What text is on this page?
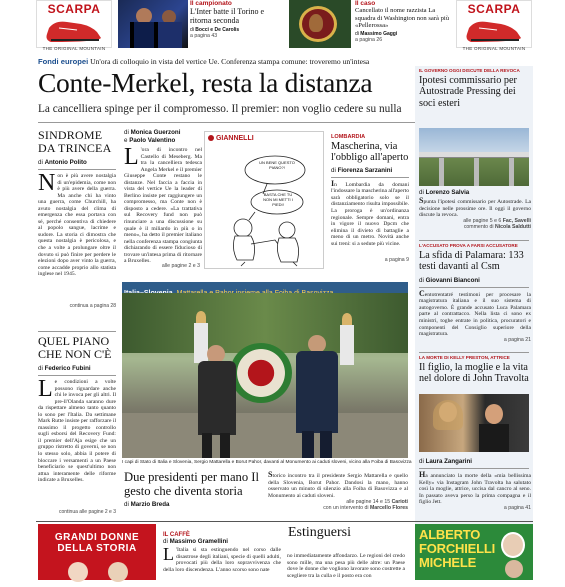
SCARPA
THE ORIGINAL MOUNTAIN
Il campionato
L'Inter batte il Torino e ritorna seconda
di Bocci e De Carolis
a pagina 43
Il caso
Cancellato il nome razzista La squadra di Washington non sarà più «Pellerossa»
di Massimo Gaggi
a pagina 26
SCARPA
THE ORIGINAL MOUNTAIN
Fondi europei Un'ora di colloquio in vista del vertice Ue. Conferenza stampa comune: troveremo un'intesa
Conte-Merkel, resta la distanza
La cancelliera spinge per il compromesso. Il premier: non voglio cedere su nulla
SINDROME DA TRINCEA
di Antonio Polito
Non è più avere nostalgia di un'epidemia, come non è più avere della guerra. Ma anche chi ha vinto una guerra, come Churchill, ha avuto nostalgia del clima di emergenza che essa portava con sé, perché consentiva di chiedere al popolo sangue, lacrime e sudore. La storia ci dimostra che questa nostalgia è pericolosa, e che a volte a prolungare oltre il dovuto si può finire per perdere le elezioni dopo aver vinto la guerra, come accadde proprio allo statista inglese nel 1945.
continua a pagina 28
QUEL PIANO CHE NON C'È
di Federico Fubini
Le condizioni a volte possono riguardare anche chi le invoca per gli altri. Il pre-ll'Olanda saranno dure da rispettare almeno tanto quanto lo sono per l'Italia. Da settimane Mark Rutte insiste per rafforzare il massimo il progetto controllo sugli esborsi del Recovery Fund: il premier dell'Aja esige che un gruppo ristretto di governi, se non lo stesso solo, abbia il potere di bloccare i versamenti a un Paese beneficiario se quest'ultimo non attua interamente delle riforme indicate a Bruxelles.
continua alle pagine 2 e 3
di Monica Guerzoni
e Paolo Valentino
L 'ora di incontro nel Castello di Meseberg. Ma tra la cancelliera tedesca Angela Merkel e il premier Giuseppe Conte restano le distanze. Nel faccia a faccia in vista del vertice Ue la leader di Berlino insiste per raggiungere un compromesso, ma Conte non è disposto a cedere. «La trattativa sul Recovery fund non può rinunciare a una discussione su quale è il miliardo in più o in meno», ha detto il premier italiano nella conferenza stampa congiunta dichiarando di essere fiducioso di trovare un'intesa prima di ritornare a Bruxelles.
GIANNELLI
UN BENE QUESTO PIANO?!
BASTA CHE TU NON MI METTI I PIEDI!
alle pagine 2 e 3
LOMBARDIA
Mascherina, via l'obbligo all'aperto
di Fiorenza Sarzanini
In Lombardia da domani l'indossare la mascherina all'aperto sarà obbligatorio solo se il distanziamento risulta impossibile. La proroga è un'ordinanza regionale. Sempre domani, entra in vigore il nuovo Dpcm che elimina il divieto di battaglie a meno di un metro. Novità anche sui treni: si a sedute più vicine.
a pagina 9
IL GOVERNO OGGI DISCUTE DELLA REVOCA
Ipotesi commissario per Autostrade Pressing dei soci esteri
di Lorenzo Salvia
Spunta l'ipotesi commissario per Autostrade. La decisione nelle prossime ore. Il oggi il governo discute la revoca.
alle pagine 5 e 6 Fac, Savelli
commento di Nicola Saldutti
L'ACCUSATO PROVA A FARSI ACCUSATORE
La sfida di Palamara: 133 testi davanti al Csm
di Giovanni Bianconi
Centotrentatré testimoni per procesare la magistratura italiana e il suo sistema di autogoverno. È grande accusato Luca Palamara parte al contrattacco. Nella lista ci sono ex ministri, toghe entrate in politica, procuratori e componenti del Consiglio superiore della magistratura.
a pagina 21
LA MORTE DI KELLY PRESTON, ATTRICE
Il figlio, la moglie e la vita nel dolore di John Travolta
di Laura Zangarini
Ha annunciato la morte della «mia bellissima Kelly» via Instagram John Travolta ha salutato così la moglie, attrice, uccisa dal cancro al seno. In passato aveva perso la prima compagna e il figlio Jett.
a pagina 41
I capi di Stato di Italia e Slovenia, Sergio Mattarella e Borut Pahor, davanti al Monumento ai caduti sloveni, vicino alla Foiba di Basovizza
Due presidenti per mano Il gesto che diventa storia
di Marzio Breda
Storico incontro tra il presidente Sergio Mattarella e quello della Slovenia, Borut Pahor. Dandosi la mano, hanno osservato un minuto di silenzio alla Foiba di Basovizza e al Monumento ai caduti sloveni.
alle pagine 14 e 15 Carioti
con un intervento di Marcello Flores
GRANDI DONNE DELLA STORIA
IL CAFFÈ
di Massimo Gramellini
Estinguersi
L 'Italia si sta estinguendo nel corso dalle disastrose degli italiani, specie di quelli adulti, provocati più della loro sopravvivenza che della loro discendenza. L'anno scorso sono nate
no immediatamente affondarzo. Le regioni del credo sono mille, ma una pesa più delle altre: un Paese dove le donne che vogliono lavorare sono costrette a scegliere tra la culla e il posto era con
ALBERTO
FORCHIELLI
MICHELE
